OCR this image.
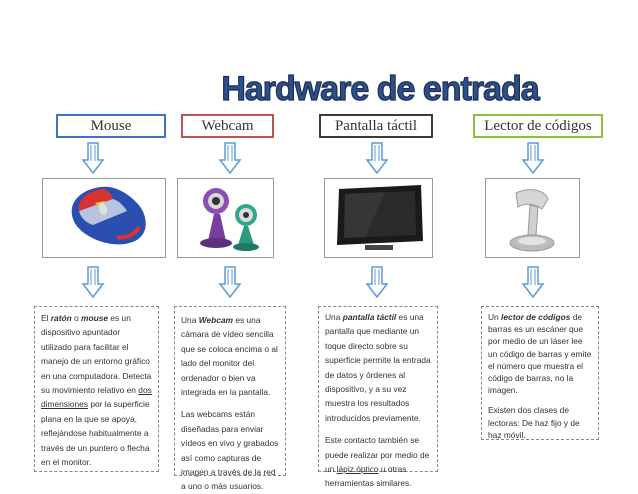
Hardware de entrada
Mouse	Webcam	Pantalla táctil	Lector de códigos

El ratón o mouse es un dispositivo apuntador utilizado para facilitar el manejo de un entorno gráfico en una computadora. Detecta su movimiento relativo en dos dimensiones por la superficie plana en la que se apoya, reflejándose habitualmente a través de un puntero o flecha en el monitor.

Una Webcam es una cámara de vídeo sencilla que se coloca encima o al lado del monitor del ordenador o bien va integrada en la pantalla.

Las webcams están diseñadas para enviar vídeos en vivo y grabados así como capturas de imagen a través de la red a uno o más usuarios.

Una pantalla táctil es una pantalla que mediante un toque directo sobre su superficie permite la entrada de datos y órdenes al dispositivo, y a su vez muestra los resultados introducidos previamente.

Este contacto también se puede realizar por medio de un lápiz óptico u otras herramientas similares.

Un lector de códigos de barras es un escáner que por medio de un láser lee un código de barras y emite el número que muestra el código de barras, no la imagen.

Existen dos clases de lectoras: De haz fijo y de haz móvil.
